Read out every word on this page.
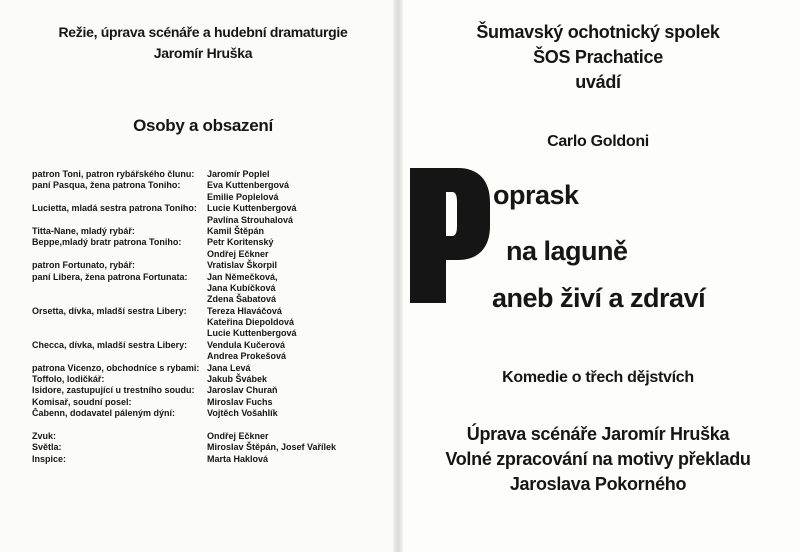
Režie, úprava scénáře a hudební dramaturgie
Jaromír Hruška
Osoby a obsazení
patron Toni, patron rybářského člunu:	Jaromír Poplel
paní Pasqua, žena patrona Toniho:	Eva Kuttenbergová
Emilie Poplelová
Lucietta, mladá sestra patrona Toniho:	Lucie Kuttenbergová
Pavlína Strouhalová
Titta-Nane, mladý rybář:	Kamil Štěpán
Beppe,mladý bratr patrona Toniho:	Petr Koritenský
Ondřej Ečkner
patron Fortunato, rybář:	Vratislav Škorpil
paní Libera, žena patrona Fortunata:	Jan Němečková,
Jana Kubíčková
Zdena Šabatová
Orsetta, dívka, mladší sestra Libery:	Tereza Hlaváčová
Kateřina Diepoldová
Lucie Kuttenbergová
Checca, dívka, mladší sestra Libery:	Vendula Kučerová
Andrea Prokešová
patrona Vicenzo, obchodníce s rybami: Jana Levá
Toffolo, lodičkář:	Jakub Švábek
Isidore, zastupující u trestního soudu:	Jaroslav Churaň
Komisař, soudní posel:	Miroslav Fuchs
Čabenn, dodavatel páleným dýní:	Vojtěch Vošahlík
Zvuk:	Ondřej Ečkner
Světla:	Miroslav Štěpán, Josef Vařílek
Inspice:	Marta Haklová
Šumavský ochotnický spolek
ŠOS Prachatice
uvádí
Carlo Goldoni
oprask
na laguně
aneb živí a zdraví
Komedie o třech dějstvích
Úprava scénáře Jaromír Hruška
Volné zpracování na motivy překladu
Jaroslava Pokorného
